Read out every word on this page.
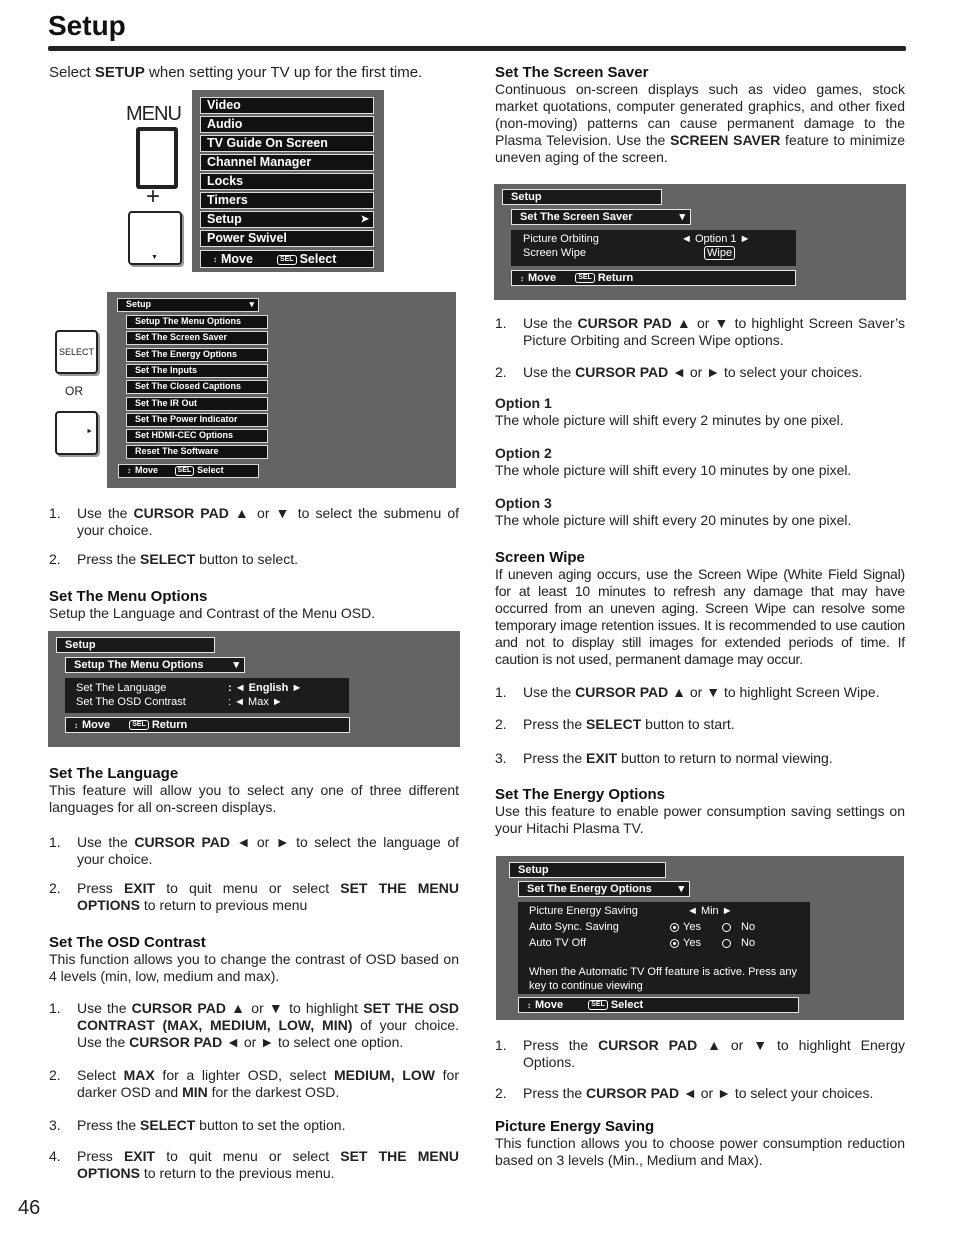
Setup
Select SETUP when setting your TV up for the first time.
MENU
+
▼
Video
Audio
TV Guide On Screen
Channel Manager
Locks
Timers
Setup	➤
Power Swivel
↕ Move	SEL Select
SELECT
OR
►
Setup	▾
Setup The Menu Options
Set The Screen Saver
Set The Energy Options
Set The Inputs
Set The Closed Captions
Set The IR Out
Set The Power Indicator
Set HDMI-CEC Options
Reset The Software
↕ Move	SEL Select

1. Use the CURSOR PAD ▲ or ▼ to select the submenu of your choice.

2. Press the SELECT button to select.

Set The Menu Options

Setup the Language and Contrast of the Menu OSD.

Setup
Setup The Menu Options	▾
Set The Language	: ◄ English ►
Set The OSD Contrast	: ◄ Max ►
↕ Move	SEL Return

Set The Language

This feature will allow you to select any one of three different languages for all on-screen displays.

1. Use the CURSOR PAD ◄ or ► to select the language of your choice.

2. Press EXIT to quit menu or select SET THE MENU OPTIONS to return to previous menu

Set The OSD Contrast

This function allows you to change the contrast of OSD based on 4 levels (min, low, medium and max).

1. Use the CURSOR PAD ▲ or ▼ to highlight SET THE OSD CONTRAST (MAX, MEDIUM, LOW, MIN) of your choice. Use the CURSOR PAD ◄ or ► to select one option.

2. Select MAX for a lighter OSD, select MEDIUM, LOW for darker OSD and MIN for the darkest OSD.

3. Press the SELECT button to set the option.

4. Press EXIT to quit menu or select SET THE MENU OPTIONS to return to the previous menu.

46

Set The Screen Saver

Continuous on-screen displays such as video games, stock market quotations, computer generated graphics, and other fixed (non-moving) patterns can cause permanent damage to the Plasma Television. Use the SCREEN SAVER feature to minimize uneven aging of the screen.

Setup
Set The Screen Saver	▾
Picture Orbiting	◄ Option 1 ►
Screen Wipe	Wipe
↕ Move	SEL Return

1. Use the CURSOR PAD ▲ or ▼ to highlight Screen Saver’s Picture Orbiting and Screen Wipe options.

2. Use the CURSOR PAD ◄ or ► to select your choices.

Option 1

The whole picture will shift every 2 minutes by one pixel.

Option 2

The whole picture will shift every 10 minutes by one pixel.

Option 3

The whole picture will shift every 20 minutes by one pixel.

Screen Wipe

If uneven aging occurs, use the Screen Wipe (White Field Signal) for at least 10 minutes to refresh any damage that may have occurred from an uneven aging. Screen Wipe can resolve some temporary image retention issues. It is recommended to use caution and not to display still images for extended periods of time. If caution is not used, permanent damage may occur.

1. Use the CURSOR PAD ▲ or ▼ to highlight Screen Wipe.

2. Press the SELECT button to start.

3. Press the EXIT button to return to normal viewing.

Set The Energy Options

Use this feature to enable power consumption saving settings on your Hitachi Plasma TV.

Setup
Set The Energy Options ▾
Picture Energy Saving	◄ Min ►
Auto Sync. Saving	Yes	No
Auto TV Off	Yes	No
When the Automatic TV Off feature is active. Press any key to continue viewing
↕ Move	SEL Select

1. Press the CURSOR PAD ▲ or ▼ to highlight Energy Options.

2. Press the CURSOR PAD ◄ or ► to select your choices.

Picture Energy Saving

This function allows you to choose power consumption reduction based on 3 levels (Min., Medium and Max).
